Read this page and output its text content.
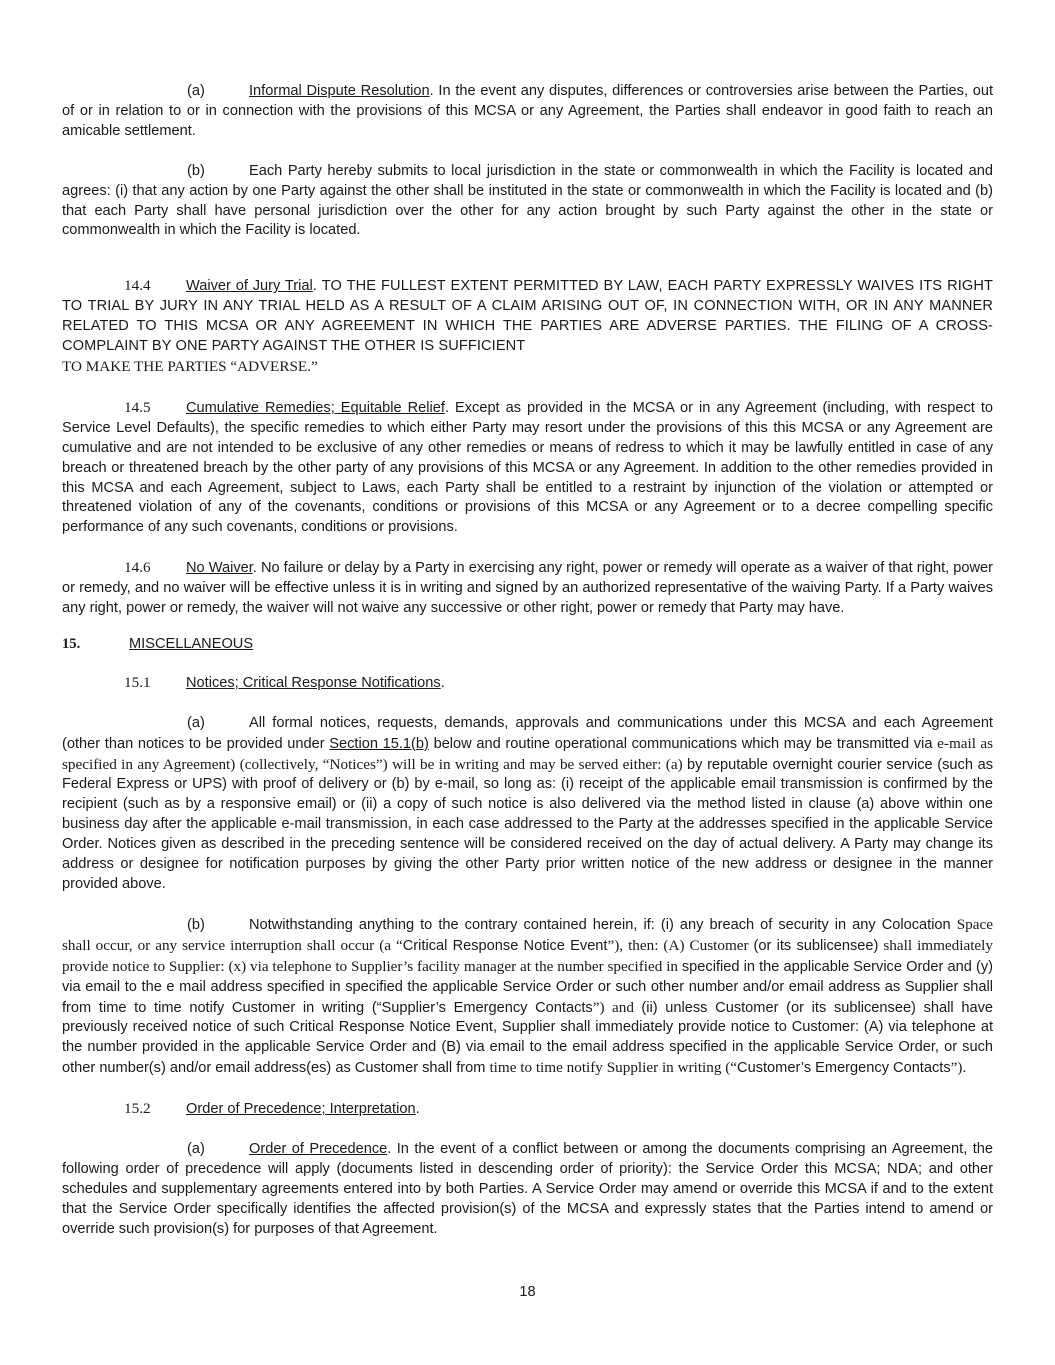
(a)	Informal Dispute Resolution. In the event any disputes, differences or controversies arise between the Parties, out of or in relation to or in connection with the provisions of this MCSA or any Agreement, the Parties shall endeavor in good faith to reach an amicable settlement.

(b)	Each Party hereby submits to local jurisdiction in the state or commonwealth in which the Facility is located and agrees: (i) that any action by one Party against the other shall be instituted in the state or commonwealth in which the Facility is located and (b) that each Party shall have personal jurisdiction over the other for any action brought by such Party against the other in the state or commonwealth in which the Facility is located.

14.4 Waiver of Jury Trial. TO THE FULLEST EXTENT PERMITTED BY LAW, EACH PARTY EXPRESSLY WAIVES ITS RIGHT TO TRIAL BY JURY IN ANY TRIAL HELD AS A RESULT OF A CLAIM ARISING OUT OF, IN CONNECTION WITH, OR IN ANY MANNER RELATED TO THIS MCSA OR ANY AGREEMENT IN WHICH THE PARTIES ARE ADVERSE PARTIES. THE FILING OF A CROSS-COMPLAINT BY ONE PARTY AGAINST THE OTHER IS SUFFICIENT
TO MAKE THE PARTIES “ADVERSE.”

14.5 Cumulative Remedies; Equitable Relief. Except as provided in the MCSA or in any Agreement (including, with respect to Service Level Defaults), the specific remedies to which either Party may resort under the provisions of this this MCSA or any Agreement are cumulative and are not intended to be exclusive of any other remedies or means of redress to which it may be lawfully entitled in case of any breach or threatened breach by the other party of any provisions of this MCSA or any Agreement. In addition to the other remedies provided in this MCSA and each Agreement, subject to Laws, each Party shall be entitled to a restraint by injunction of the violation or attempted or threatened violation of any of the covenants, conditions or provisions of this MCSA or any Agreement or to a decree compelling specific performance of any such covenants, conditions or provisions.

14.6 No Waiver. No failure or delay by a Party in exercising any right, power or remedy will operate as a waiver of that right, power or remedy, and no waiver will be effective unless it is in writing and signed by an authorized representative of the waiving Party. If a Party waives any right, power or remedy, the waiver will not waive any successive or other right, power or remedy that Party may have.

15.	MISCELLANEOUS

15.1 Notices; Critical Response Notifications.

(a)	All formal notices, requests, demands, approvals and communications under this MCSA and each Agreement (other than notices to be provided under Section 15.1(b) below and routine operational communications which may be transmitted via e-mail as specified in any Agreement) (collectively, “Notices”) will be in writing and may be served either: (a) by reputable overnight courier service (such as Federal Express or UPS) with proof of delivery or (b) by e-mail, so long as: (i) receipt of the applicable email transmission is confirmed by the recipient (such as by a responsive email) or (ii) a copy of such notice is also delivered via the method listed in clause (a) above within one business day after the applicable e-mail transmission, in each case addressed to the Party at the addresses specified in the applicable Service Order. Notices given as described in the preceding sentence will be considered received on the day of actual delivery. A Party may change its address or designee for notification purposes by giving the other Party prior written notice of the new address or designee in the manner provided above.

(b)	Notwithstanding anything to the contrary contained herein, if: (i) any breach of security in any Colocation Space shall occur, or any service interruption shall occur (a “Critical Response Notice Event”), then: (A) Customer (or its sublicensee) shall immediately provide notice to Supplier: (x) via telephone to Supplier’s facility manager at the number specified in specified in the applicable Service Order and (y) via email to the e mail address specified in specified the applicable Service Order or such other number and/or email address as Supplier shall from time to time notify Customer in writing (“Supplier’s Emergency Contacts”) and (ii) unless Customer (or its sublicensee) shall have previously received notice of such Critical Response Notice Event, Supplier shall immediately provide notice to Customer: (A) via telephone at the number provided in the applicable Service Order and (B) via email to the email address specified in the applicable Service Order, or such other number(s) and/or email address(es) as Customer shall from time to time notify Supplier in writing (“Customer’s Emergency Contacts”).

15.2 Order of Precedence; Interpretation.

(a)	Order of Precedence. In the event of a conflict between or among the documents comprising an Agreement, the following order of precedence will apply (documents listed in descending order of priority): the Service Order this MCSA; NDA; and other schedules and supplementary agreements entered into by both Parties. A Service Order may amend or override this MCSA if and to the extent that the Service Order specifically identifies the affected provision(s) of the MCSA and expressly states that the Parties intend to amend or override such provision(s) for purposes of that Agreement.

18
